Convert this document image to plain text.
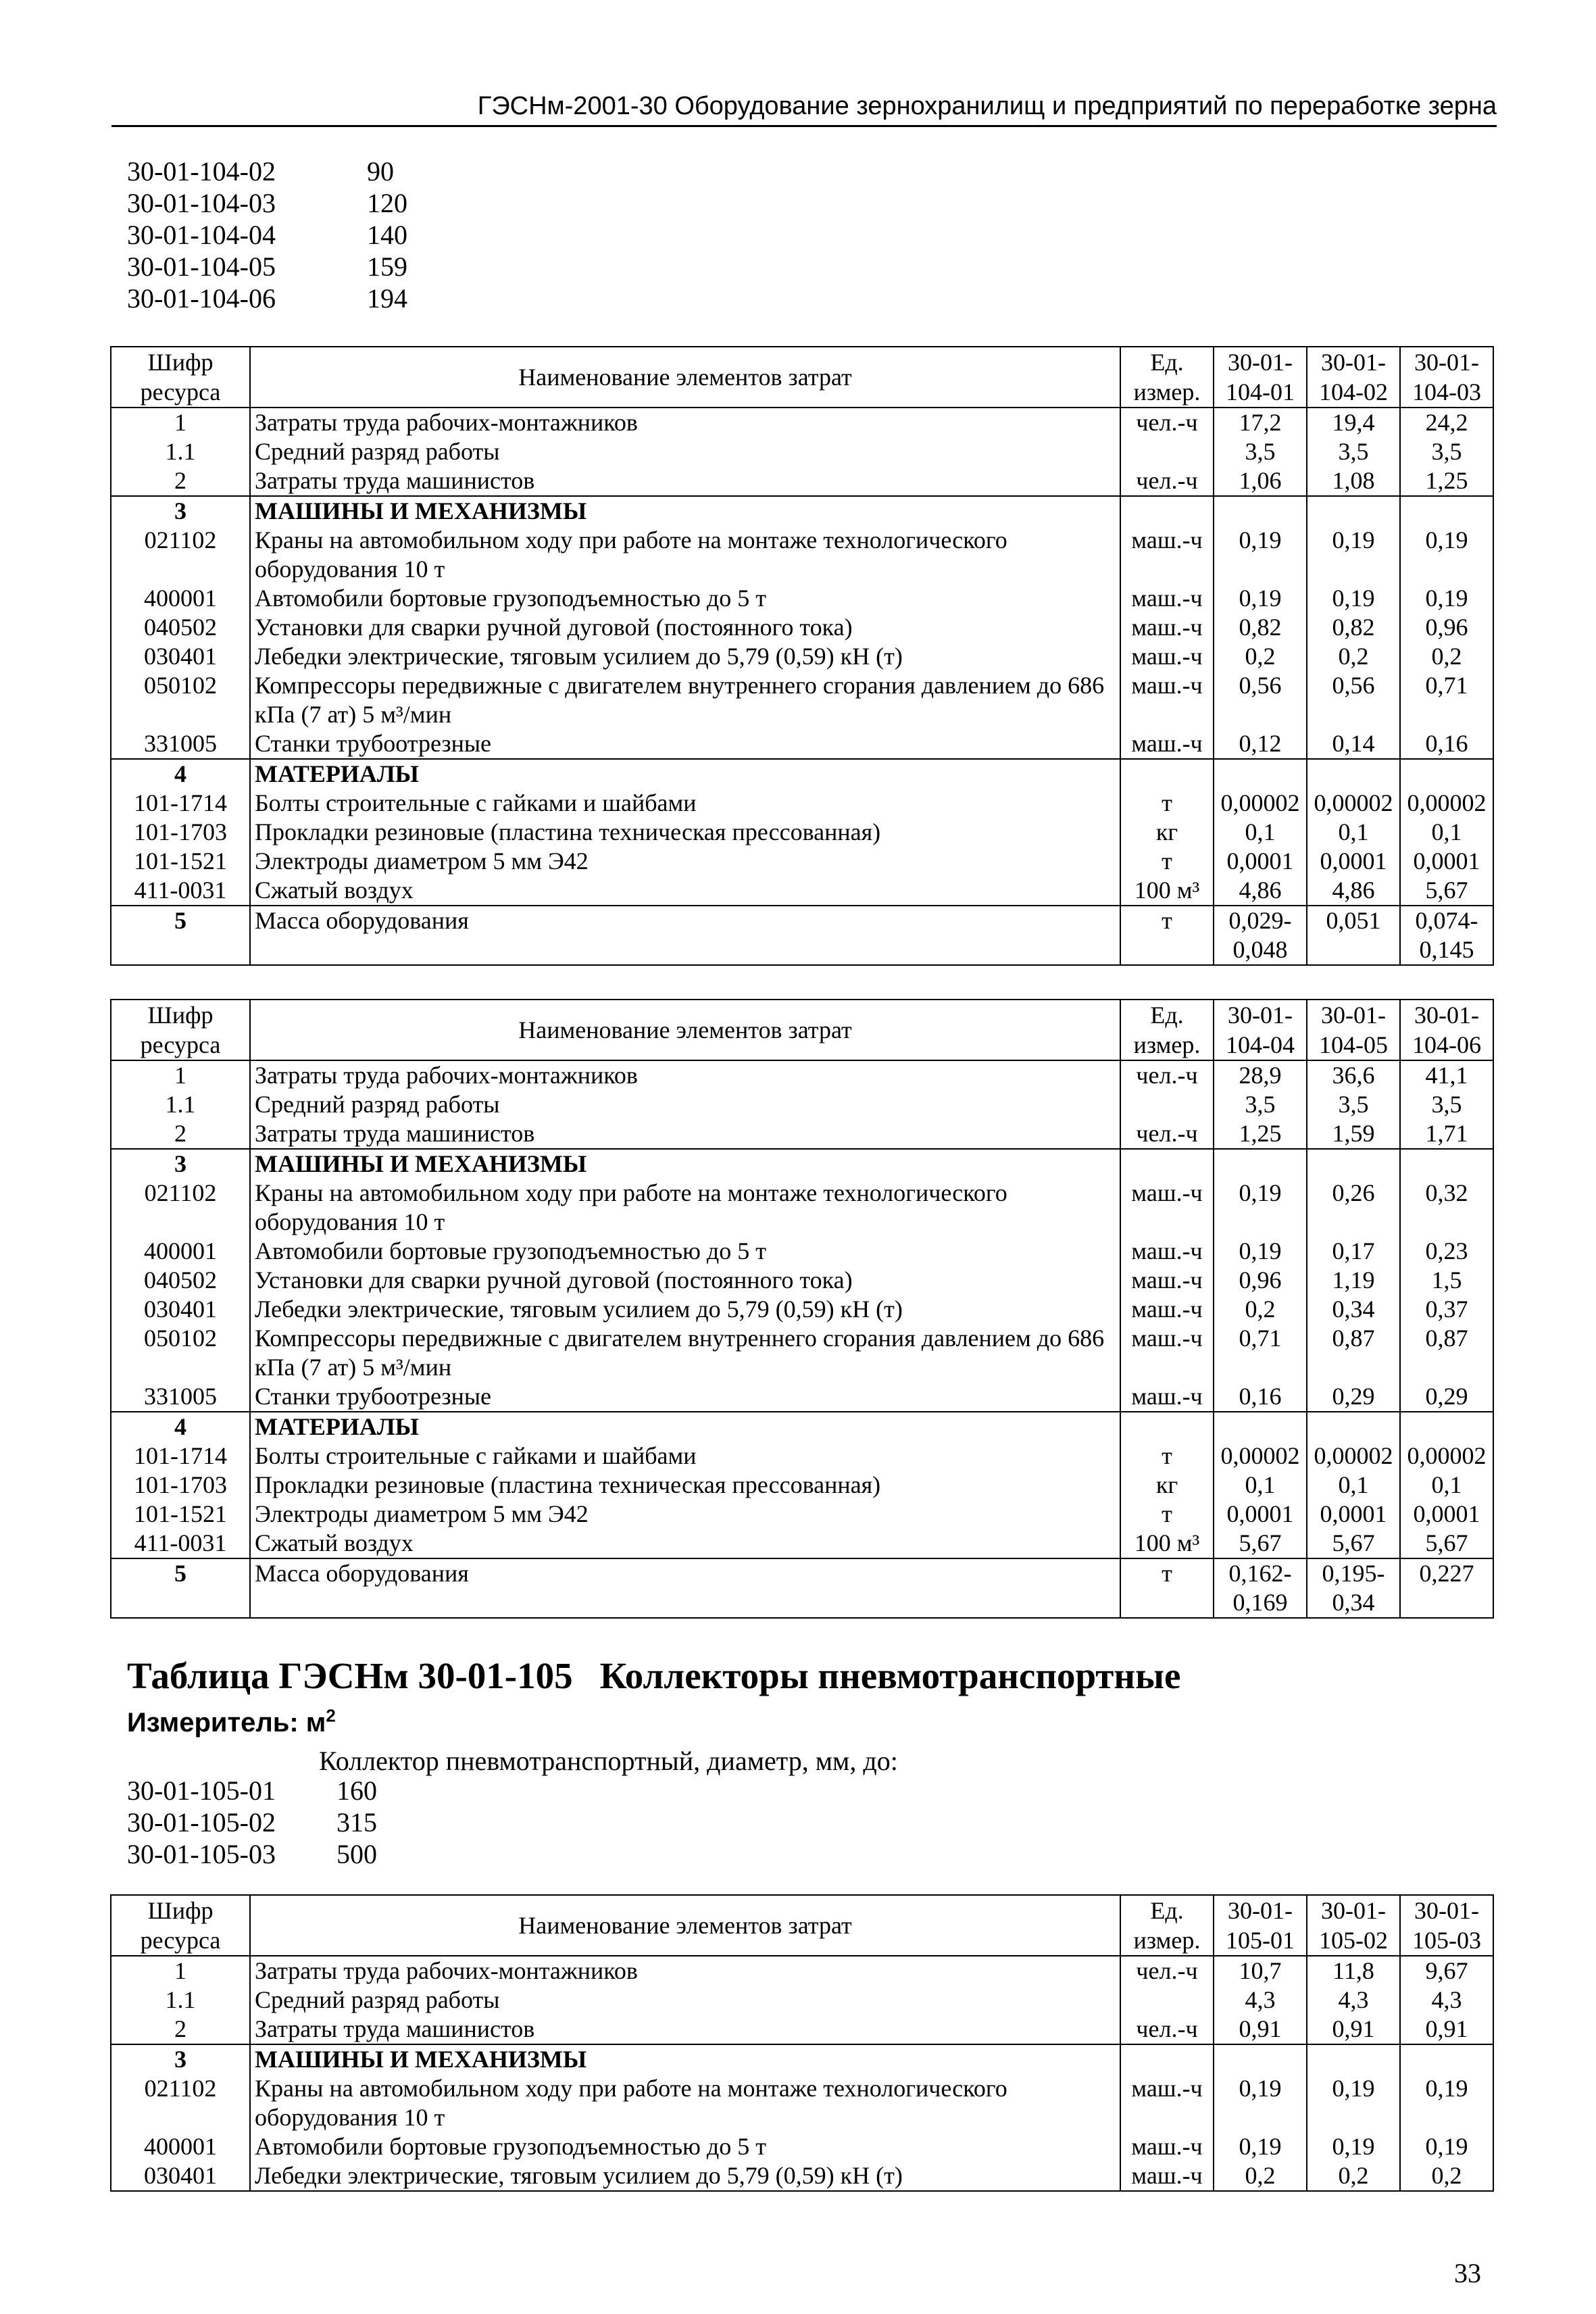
ГЭСНм-2001-30 Оборудование зернохранилищ и предприятий по переработке зерна
30-01-104-02	90
30-01-104-03	120
30-01-104-04	140
30-01-104-05	159
30-01-104-06	194
Шифр ресурса	Наименование элементов затрат	Ед. измер.	30-01-104-01	30-01-104-02	30-01-104-03
1	Затраты труда рабочих-монтажников	чел.-ч	17,2	19,4	24,2
1.1	Средний разряд работы		3,5	3,5	3,5
2	Затраты труда машинистов	чел.-ч	1,06	1,08	1,25
3	МАШИНЫ И МЕХАНИЗМЫ				
021102	Краны на автомобильном ходу при работе на монтаже технологического оборудования 10 т	маш.-ч	0,19	0,19	0,19
400001	Автомобили бортовые грузоподъемностью до 5 т	маш.-ч	0,19	0,19	0,19
040502	Установки для сварки ручной дуговой (постоянного тока)	маш.-ч	0,82	0,82	0,96
030401	Лебедки электрические, тяговым усилием до 5,79 (0,59) кН (т)	маш.-ч	0,2	0,2	0,2
050102	Компрессоры передвижные с двигателем внутреннего сгорания давлением до 686 кПа (7 ат) 5 м³/мин	маш.-ч	0,56	0,56	0,71
331005	Станки трубоотрезные	маш.-ч	0,12	0,14	0,16
4	МАТЕРИАЛЫ				
101-1714	Болты строительные с гайками и шайбами	т	0,00002	0,00002	0,00002
101-1703	Прокладки резиновые (пластина техническая прессованная)	кг	0,1	0,1	0,1
101-1521	Электроды диаметром 5 мм Э42	т	0,0001	0,0001	0,0001
411-0031	Сжатый воздух	100 м³	4,86	4,86	5,67
5	Масса оборудования	т	0,029-0,048	0,051	0,074-0,145
Шифр ресурса	Наименование элементов затрат	Ед. измер.	30-01-104-04	30-01-104-05	30-01-104-06
1	Затраты труда рабочих-монтажников	чел.-ч	28,9	36,6	41,1
1.1	Средний разряд работы		3,5	3,5	3,5
2	Затраты труда машинистов	чел.-ч	1,25	1,59	1,71
3	МАШИНЫ И МЕХАНИЗМЫ				
021102	Краны на автомобильном ходу при работе на монтаже технологического оборудования 10 т	маш.-ч	0,19	0,26	0,32
400001	Автомобили бортовые грузоподъемностью до 5 т	маш.-ч	0,19	0,17	0,23
040502	Установки для сварки ручной дуговой (постоянного тока)	маш.-ч	0,96	1,19	1,5
030401	Лебедки электрические, тяговым усилием до 5,79 (0,59) кН (т)	маш.-ч	0,2	0,34	0,37
050102	Компрессоры передвижные с двигателем внутреннего сгорания давлением до 686 кПа (7 ат) 5 м³/мин	маш.-ч	0,71	0,87	0,87
331005	Станки трубоотрезные	маш.-ч	0,16	0,29	0,29
4	МАТЕРИАЛЫ				
101-1714	Болты строительные с гайками и шайбами	т	0,00002	0,00002	0,00002
101-1703	Прокладки резиновые (пластина техническая прессованная)	кг	0,1	0,1	0,1
101-1521	Электроды диаметром 5 мм Э42	т	0,0001	0,0001	0,0001
411-0031	Сжатый воздух	100 м³	5,67	5,67	5,67
5	Масса оборудования	т	0,162-0,169	0,195-0,34	0,227
Таблица ГЭСНм 30-01-105 Коллекторы пневмотранспортные
Измеритель: $м^2$
Коллектор пневмотранспортный, диаметр, мм, до:
30-01-105-01	160
30-01-105-02	315
30-01-105-03	500
Шифр ресурса	Наименование элементов затрат	Ед. измер.	30-01-105-01	30-01-105-02	30-01-105-03
1	Затраты труда рабочих-монтажников	чел.-ч	10,7	11,8	9,67
1.1	Средний разряд работы		4,3	4,3	4,3
2	Затраты труда машинистов	чел.-ч	0,91	0,91	0,91
3	МАШИНЫ И МЕХАНИЗМЫ				
021102	Краны на автомобильном ходу при работе на монтаже технологического оборудования 10 т	маш.-ч	0,19	0,19	0,19
400001	Автомобили бортовые грузоподъемностью до 5 т	маш.-ч	0,19	0,19	0,19
030401	Лебедки электрические, тяговым усилием до 5,79 (0,59) кН (т)	маш.-ч	0,2	0,2	0,2
33
